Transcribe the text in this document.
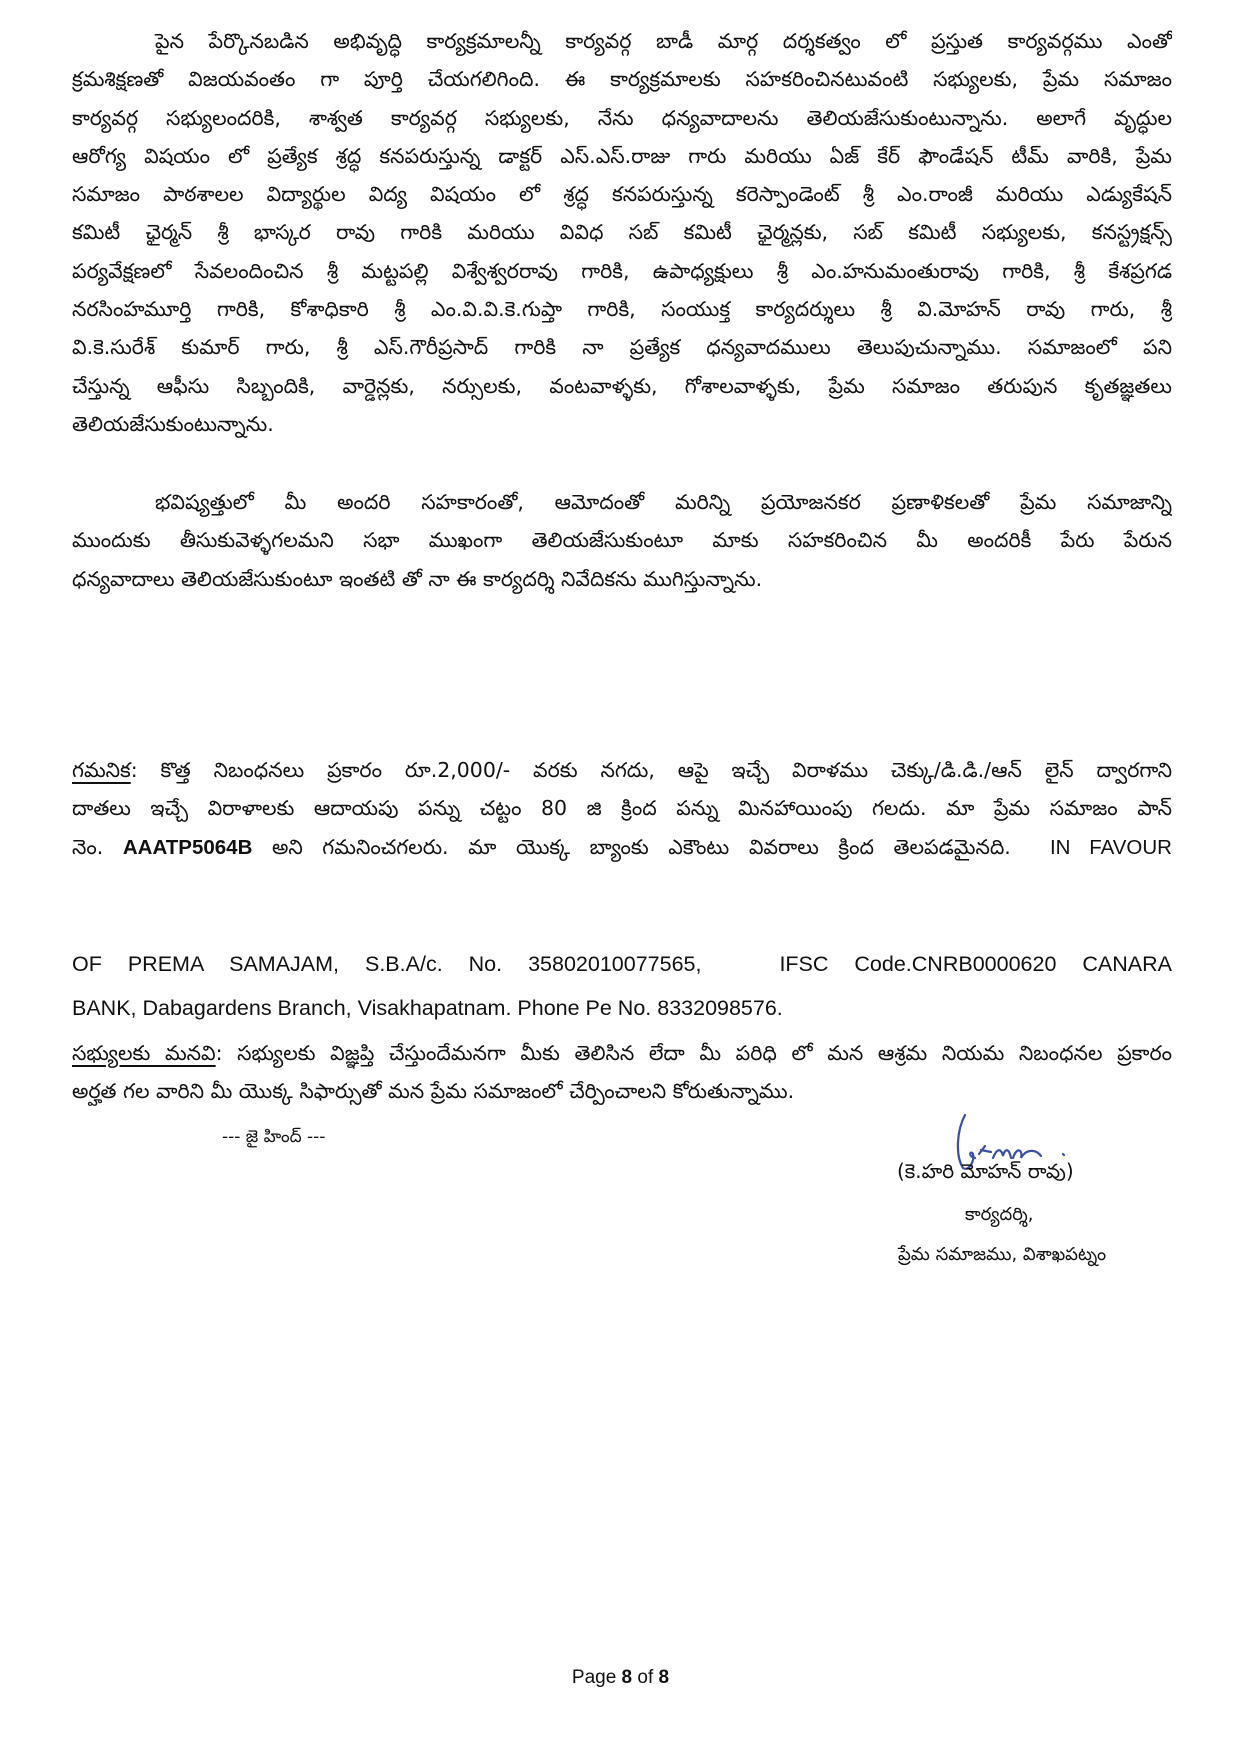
పైన పేర్కొనబడిన అభివృద్ధి కార్యక్రమాలన్నీ కార్యవర్గ బాడీ మార్గ దర్శకత్వం లో ప్రస్తుత కార్యవర్గము ఎంతో
క్రమశిక్షణతో విజయవంతం గా పూర్తి చేయగలిగింది. ఈ కార్యక్రమాలకు సహకరించినటువంటి సభ్యులకు, ప్రేమ సమాజం
కార్యవర్గ సభ్యులందరికి, శాశ్వత కార్యవర్గ సభ్యులకు, నేను ధన్యవాదాలను తెలియజేసుకుంటున్నాను. అలాగే వృద్ధుల
ఆరోగ్య విషయం లో ప్రత్యేక శ్రద్ధ కనపరుస్తున్న డాక్టర్ ఎస్.ఎస్.రాజు గారు మరియు ఏజ్ కేర్ ఫౌండేషన్ టీమ్ వారికి, ప్రేమ
సమాజం పాఠశాలల విద్యార్థుల విద్య విషయం లో శ్రద్ధ కనపరుస్తున్న కరెస్పాండెంట్ శ్రీ ఎం.రాంజీ మరియు ఎడ్యుకేషన్
కమిటీ ఛైర్మన్ శ్రీ భాస్కర రావు గారికి మరియు వివిధ సబ్ కమిటీ ఛైర్మన్లకు, సబ్ కమిటీ సభ్యులకు, కనస్ట్రక్షన్స్
పర్యవేక్షణలో సేవలందించిన శ్రీ మట్టపల్లి విశ్వేశ్వరరావు గారికి, ఉపాధ్యక్షులు శ్రీ ఎం.హనుమంతురావు గారికి, శ్రీ కేశప్రగడ
నరసింహమూర్తి గారికి, కోశాధికారి శ్రీ ఎం.వి.వి.కె.గుప్తా గారికి, సంయుక్త కార్యదర్శులు శ్రీ వి.మోహన్ రావు గారు, శ్రీ
వి.కె.సురేశ్ కుమార్ గారు, శ్రీ ఎస్.గౌరీప్రసాద్ గారికి నా ప్రత్యేక ధన్యవాదములు తెలుపుచున్నాము. సమాజంలో పని
చేస్తున్న ఆఫీసు సిబ్బందికి, వార్డెన్లకు, నర్సులకు, వంటవాళ్ళకు, గోశాలవాళ్ళకు, ప్రేమ సమాజం తరుపున కృతజ్ఞతలు
తెలియజేసుకుంటున్నాను.
భవిష్యత్తులో మీ అందరి సహకారంతో, ఆమోదంతో మరిన్ని ప్రయోజనకర ప్రణాళికలతో ప్రేమ సమాజాన్ని
ముందుకు తీసుకువెళ్ళగలమని సభా ముఖంగా తెలియజేసుకుంటూ మాకు సహకరించిన మీ అందరికీ పేరు పేరున
ధన్యవాదాలు తెలియజేసుకుంటూ ఇంతటి తో నా ఈ కార్యదర్శి నివేదికను ముగిస్తున్నాను.
గమనిక: కొత్త నిబంధనలు ప్రకారం రూ.2,000/- వరకు నగదు, ఆపై ఇచ్చే విరాళము చెక్కు/డి.డి./ఆన్ లైన్ ద్వారగాని
దాతలు ఇచ్చే విరాళాలకు ఆదాయపు పన్ను చట్టం 80 జి క్రింద పన్ను మినహాయింపు గలదు. మా ప్రేమ సమాజం పాన్
నెం. AAATP5064B అని గమనించగలరు. మా యొక్క బ్యాంకు ఎకౌంటు వివరాలు క్రింద తెలపడమైనది.  IN FAVOUR
OF PREMA SAMAJAM, S.B.A/c. No. 35802010077565,   IFSC Code.CNRB0000620 CANARA
BANK, Dabagardens Branch, Visakhapatnam. Phone Pe No. 8332098576.
సభ్యులకు మనవి: సభ్యులకు విజ్ఞప్తి చేస్తుందేమనగా మీకు తెలిసిన లేదా మీ పరిధి లో మన ఆశ్రమ నియమ నిబంధనల ప్రకారం
అర్హత గల వారిని మీ యొక్క సిఫార్సుతో మన ప్రేమ సమాజంలో చేర్పించాలని కోరుతున్నాము.
--- జై హింద్ ---
(కె.హరి మోహన్ రావు)
కార్యదర్శి,
ప్రేమ సమాజము, విశాఖపట్నం
Page 8 of 8
